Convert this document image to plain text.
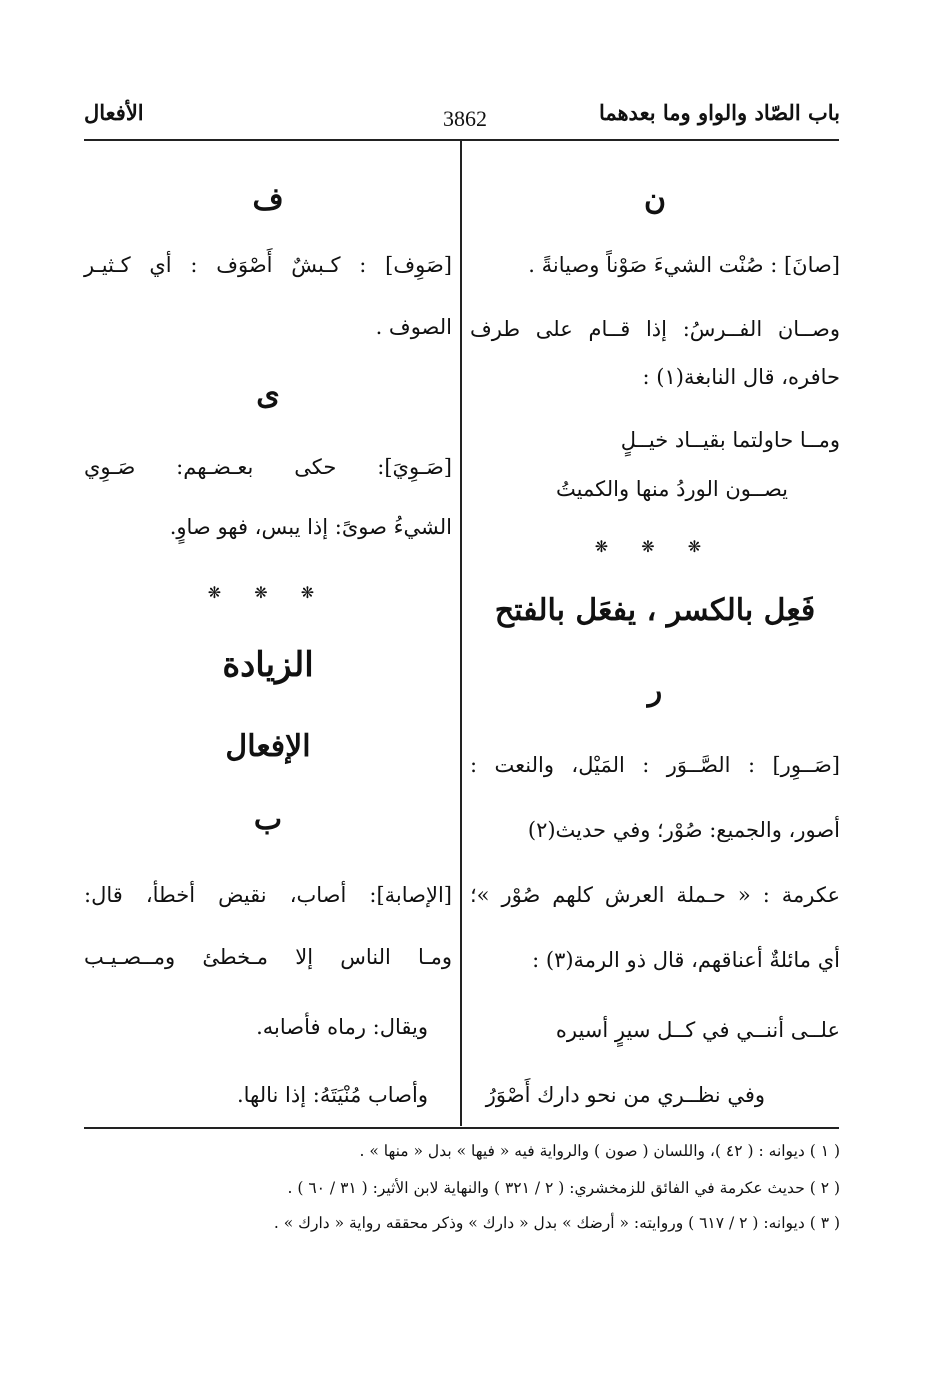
باب الصّاد والواو وما بعدهما
3862
الأفعال
ن
[صانَ] : صُنْت الشيءَ صَوْناً وصيانةً .
وصــان الفــرسُ: إذا قــام على طرف
حافره، قال النابغة(١) :
ومــا حاولتما بقيــاد خيــلٍ
يصــون الوردُ منها والكميتُ
❋ ❋ ❋
فَعِل بالكسر ، يفعَل بالفتح
ر
[صَــوِر] : الصَّــوَر : المَيْل، والنعت :
أصور، والجميع: صُوْر؛ وفي حديث(٢)
عكرمة : « حـملة العرش كلهم صُوْر »؛
أي مائلةٌ أعناقهم، قال ذو الرمة(٣) :
علــى أننــي في كــل سيرٍ أسيره
وفي نظــري من نحو دارك أَصْوَرُ
ف
[صَوِف] : كـبشٌ أَصْوَف : أي كـثيـر
الصوف .
ى
[صَـوِيَ]: حكى بعـضـهم: صَـوِي
الشيءُ صوىً: إذا يبس، فهو صاوٍ.
❋ ❋ ❋
الزيادة
الإفعال
ب
[الإصابة]: أصاب، نقيض أخطأ، قال:
ومـا الناس إلا مـخطئ ومــصـيـب
ويقال: رماه فأصابه.
وأصاب مُنْيَتَهُ: إذا نالها.
( ١ ) ديوانه : ( ٤٢ )، واللسان ( صون ) والرواية فيه « فيها » بدل « منها » .
( ٢ ) حديث عكرمة في الفائق للزمخشري: ( ٢ / ٣٢١ ) والنهاية لابن الأثير: ( ٣١ / ٦٠ ) .
( ٣ ) ديوانه: ( ٢ / ٦١٧ ) وروايته: « أرضك » بدل « دارك » وذكر محققه رواية « دارك » .
